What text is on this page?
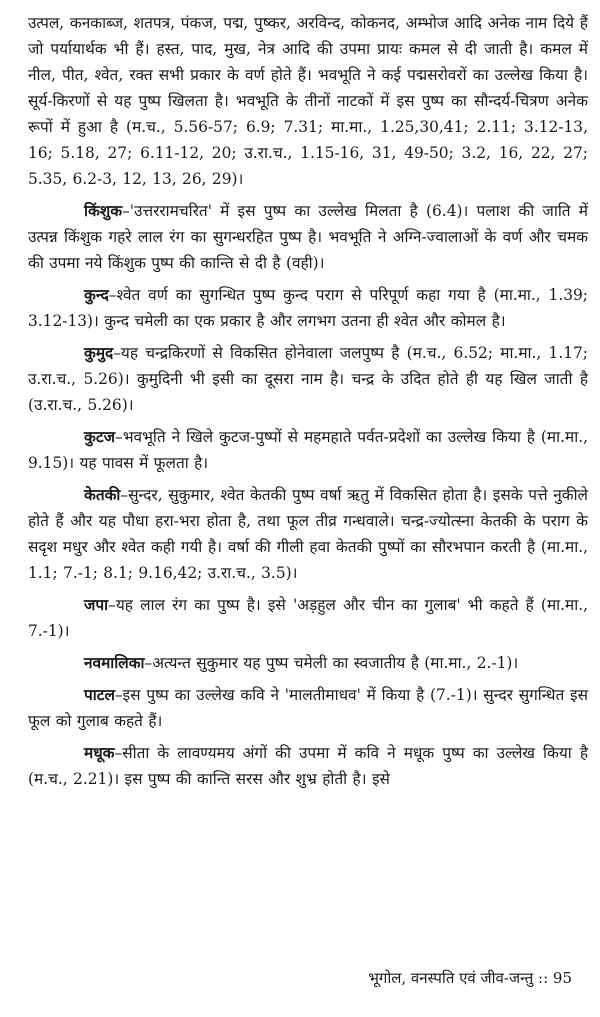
उत्पल, कनकाब्ज, शतपत्र, पंकज, पद्म, पुष्कर, अरविन्द, कोकनद, अम्भोज आदि अनेक नाम दिये हैं जो पर्यायार्थक भी हैं। हस्त, पाद, मुख, नेत्र आदि की उपमा प्रायः कमल से दी जाती है। कमल में नील, पीत, श्वेत, रक्त सभी प्रकार के वर्ण होते हैं। भवभूति ने कई पद्मसरोवरों का उल्लेख किया है। सूर्य-किरणों से यह पुष्प खिलता है। भवभूति के तीनों नाटकों में इस पुष्प का सौन्दर्य-चित्रण अनेक रूपों में हुआ है (म.च., 5.56-57; 6.9; 7.31; मा.मा., 1.25,30,41; 2.11; 3.12-13, 16; 5.18, 27; 6.11-12, 20; उ.रा.च., 1.15-16, 31, 49-50; 3.2, 16, 22, 27; 5.35, 6.2-3, 12, 13, 26, 29)।

किंशुक–'उत्तररामचरित' में इस पुष्प का उल्लेख मिलता है (6.4)। पलाश की जाति में उत्पन्न किंशुक गहरे लाल रंग का सुगन्धरहित पुष्प है। भवभूति ने अग्नि-ज्वालाओं के वर्ण और चमक की उपमा नये किंशुक पुष्प की कान्ति से दी है (वही)।

कुन्द–श्वेत वर्ण का सुगन्धित पुष्प कुन्द पराग से परिपूर्ण कहा गया है (मा.मा., 1.39; 3.12-13)। कुन्द चमेली का एक प्रकार है और लगभग उतना ही श्वेत और कोमल है।

कुमुद–यह चन्द्रकिरणों से विकसित होनेवाला जलपुष्प है (म.च., 6.52; मा.मा., 1.17; उ.रा.च., 5.26)। कुमुदिनी भी इसी का दूसरा नाम है। चन्द्र के उदित होते ही यह खिल जाती है (उ.रा.च., 5.26)।

कुटज–भवभूति ने खिले कुटज-पुष्पों से महमहाते पर्वत-प्रदेशों का उल्लेख किया है (मा.मा., 9.15)। यह पावस में फूलता है।

केतकी–सुन्दर, सुकुमार, श्वेत केतकी पुष्प वर्षा ऋतु में विकसित होता है। इसके पत्ते नुकीले होते हैं और यह पौधा हरा-भरा होता है, तथा फूल तीव्र गन्धवाले। चन्द्र-ज्योत्स्ना केतकी के पराग के सदृश मधुर और श्वेत कही गयी है। वर्षा की गीली हवा केतकी पुष्पों का सौरभपान करती है (मा.मा., 1.1; 7.-1; 8.1; 9.16,42; उ.रा.च., 3.5)।

जपा–यह लाल रंग का पुष्प है। इसे 'अड़हुल और चीन का गुलाब' भी कहते हैं (मा.मा., 7.-1)।

नवमालिका–अत्यन्त सुकुमार यह पुष्प चमेली का स्वजातीय है (मा.मा., 2.-1)।

पाटल–इस पुष्प का उल्लेख कवि ने 'मालतीमाधव' में किया है (7.-1)। सुन्दर सुगन्धित इस फूल को गुलाब कहते हैं।

मधूक–सीता के लावण्यमय अंगों की उपमा में कवि ने मधूक पुष्प का उल्लेख किया है (म.च., 2.21)। इस पुष्प की कान्ति सरस और शुभ्र होती है। इसे

भूगोल, वनस्पति एवं जीव-जन्तु :: 95
